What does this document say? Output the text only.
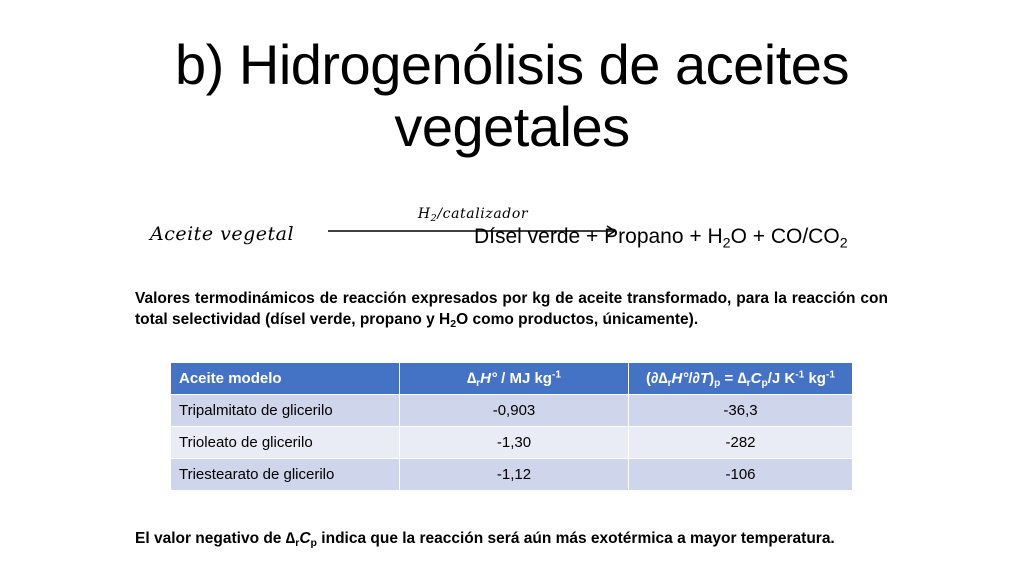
b) Hidrogenólisis de aceites vegetales
Aceite vegetal
$H_2$/catalizador
Dísel verde + Propano + $H_2O + CO/CO_2$
Valores termodinámicos de reacción expresados por kg de aceite transformado, para la reacción con total selectividad (dísel verde, propano y $H_2O$ como productos, únicamente).
Aceite modelo	$\Delta_rH^\circ$ / MJ $kg^{-1}$	$(\partial\Delta_rH^\circ/\partial T)_p = \Delta_rC_p/J$ $K^{-1}$ $kg^{-1}$
Tripalmitato de glicerilo	-0,903	-36,3
Trioleato de glicerilo	-1,30	-282
Triestearato de glicerilo	-1,12	-106
El valor negativo de $\Delta_rC_p$ indica que la reacción será aún más exotérmica a mayor temperatura.
